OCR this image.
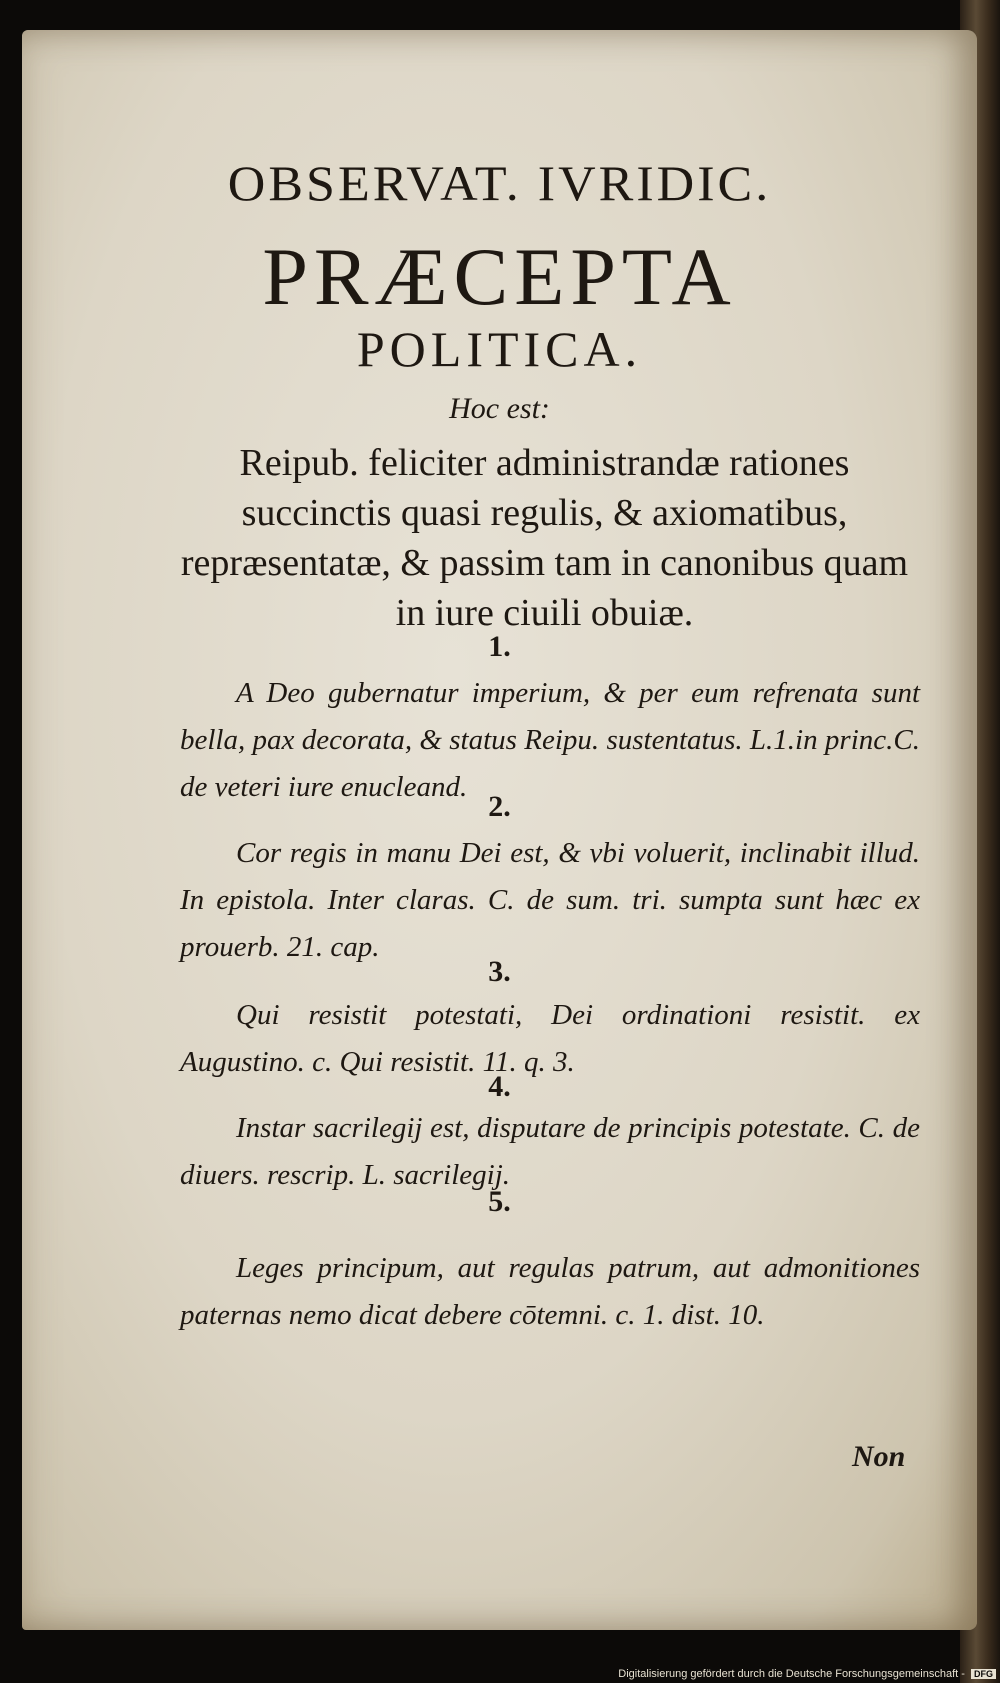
OBSERVAT. IVRIDIC.
PRÆCEPTA
POLITICA.
Hoc est:
Reipub. feliciter administrandæ rationes succinctis quasi regulis, & axiomatibus, repræsentatæ, & passim tam in canonibus quam in iure ciuili obuiæ.
1.
A Deo gubernatur imperium, & per eum refrenata sunt bella, pax decorata, & status Reipu. sustentatus. L.1.in princ.C. de veteri iure enucleand.
2.
Cor regis in manu Dei est, & vbi voluerit, inclinabit illud. In epistola. Inter claras. C. de sum. tri. sumpta sunt hæc ex prouerb. 21. cap.
3.
Qui resistit potestati, Dei ordinationi resistit. ex Augustino. c. Qui resistit. 11. q. 3.
4.
Instar sacrilegij est, disputare de principis potestate. C. de diuers. rescrip. L. sacrilegij.
5.
Leges principum, aut regulas patrum, aut admonitiones paternas nemo dicat debere cōtemni. c. 1. dist. 10.
Non
Digitalisierung gefördert durch die Deutsche Forschungsgemeinschaft - DFG
